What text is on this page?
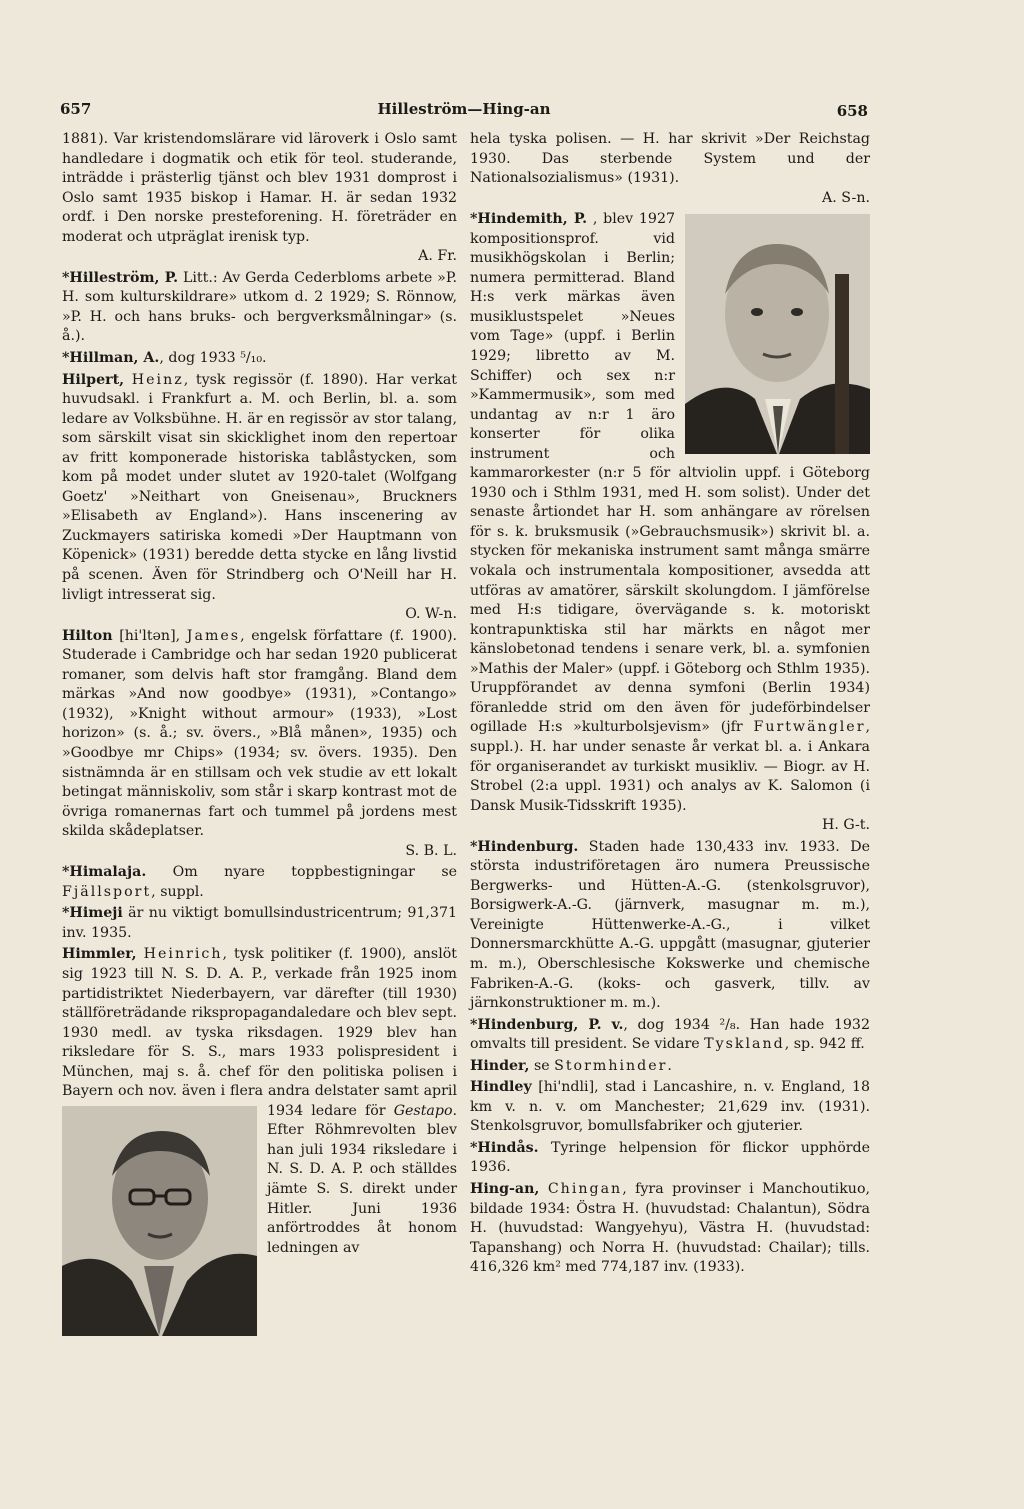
657	Hilleström—Hing-an	658

1881). Var kristendomslärare vid läroverk i Oslo samt handledare i dogmatik och etik för teol. studerande, inträdde i prästerlig tjänst och blev 1931 domprost i Oslo samt 1935 biskop i Hamar. H. är sedan 1932 ordf. i Den norske presteforening. H. företräder en moderat och utpräglat irenisk typ.
A. Fr.

*Hilleström, P. Litt.: Av Gerda Cederbloms arbete »P. H. som kulturskildrare» utkom d. 2 1929; S. Rönnow, »P. H. och hans bruks- och bergverksmålningar» (s. å.).

*Hillman, A., dog 1933 ⁵/₁₀.

Hilpert, Heinz, tysk regissör (f. 1890). Har verkat huvudsakl. i Frankfurt a. M. och Berlin, bl. a. som ledare av Volksbühne. H. är en regissör av stor talang, som särskilt visat sin skicklighet inom den repertoar av fritt komponerade historiska tablåstycken, som kom på modet under slutet av 1920-talet (Wolfgang Goetz' »Neithart von Gneisenau», Bruckners »Elisabeth av England»). Hans inscenering av Zuckmayers satiriska komedi »Der Hauptmann von Köpenick» (1931) beredde detta stycke en lång livstid på scenen. Även för Strindberg och O'Neill har H. livligt intresserat sig.
O. W-n.

Hilton [hi'ltən], James, engelsk författare (f. 1900). Studerade i Cambridge och har sedan 1920 publicerat romaner, som delvis haft stor framgång. Bland dem märkas »And now goodbye» (1931), »Contango» (1932), »Knight without armour» (1933), »Lost horizon» (s. å.; sv. övers., »Blå månen», 1935) och »Goodbye mr Chips» (1934; sv. övers. 1935). Den sistnämnda är en stillsam och vek studie av ett lokalt betingat människoliv, som står i skarp kontrast mot de övriga romanernas fart och tummel på jordens mest skilda skådeplatser.
S. B. L.

*Himalaja. Om nyare toppbestigningar se Fjällsport, suppl.

*Himeji är nu viktigt bomullsindustricentrum; 91,371 inv. 1935.

Himmler, Heinrich, tysk politiker (f. 1900), anslöt sig 1923 till N. S. D. A. P., verkade från 1925 inom partidistriktet Niederbayern, var därefter (till 1930) ställföreträdande rikspropagandaledare och blev sept. 1930 medl. av tyska riksdagen. 1929 blev han riksledare för S. S., mars 1933 polispresident i München, maj s. å. chef för den politiska polisen i Bayern och nov. även i flera andra delstater samt april 1934 ledare för
Gestapo. Efter Röhmrevolten blev han juli 1934 riksledare i N. S. D. A. P. och ställdes jämte S. S. direkt under Hitler. Juni 1936 anförtroddes åt honom ledningen av

hela tyska polisen. — H. har skrivit »Der Reichstag 1930. Das sterbende System und der Nationalsozialismus» (1931).
A. S-n.

*Hindemith, P. , blev 1927 kompositionsprof. vid musikhögskolan i Berlin; numera permitterad. Bland H:s verk märkas även musiklustspelet »Neues vom Tage» (uppf. i Berlin 1929; libretto av M. Schiffer) och sex n:r »Kammermusik», som med undantag av n:r 1 äro konserter för olika instrument och kammarorkester (n:r 5 för altviolin uppf. i Göteborg 1930 och i Sthlm 1931, med H. som solist). Under det senaste årtiondet har H. som anhängare av rörelsen för s. k. bruksmusik (»Gebrauchsmusik») skrivit bl. a. stycken för mekaniska instrument samt många smärre vokala och instrumentala kompositioner, avsedda att utföras av amatörer, särskilt skolungdom. I jämförelse med H:s tidigare, övervägande s. k. motoriskt kontrapunktiska stil har märkts en något mer känslobetonad tendens i senare verk, bl. a. symfonien »Mathis der Maler» (uppf. i Göteborg och Sthlm 1935). Uruppförandet av denna symfoni (Berlin 1934) föranledde strid om den även för judeförbindelser ogillade H:s »kulturbolsjevism» (jfr Furtwängler, suppl.). H. har under senaste år verkat bl. a. i Ankara för organiserandet av turkiskt musikliv. — Biogr. av H. Strobel (2:a uppl. 1931) och analys av K. Salomon (i Dansk Musik-Tidsskrift 1935).
H. G-t.

*Hindenburg. Staden hade 130,433 inv. 1933. De största industriföretagen äro numera Preussische Bergwerks- und Hütten-A.-G. (stenkolsgruvor), Borsigwerk-A.-G. (järnverk, masugnar m. m.), Vereinigte Hüttenwerke-A.-G., i vilket Donnersmarckhütte A.-G. uppgått (masugnar, gjuterier m. m.), Oberschlesische Kokswerke und chemische Fabriken-A.-G. (koks- och gasverk, tillv. av järnkonstruktioner m. m.).

*Hindenburg, P. v., dog 1934 ²/₈. Han hade 1932 omvalts till president. Se vidare Tyskland, sp. 942 ff.

Hinder, se Stormhinder.

Hindley [hi'ndli], stad i Lancashire, n. v. England, 18 km v. n. v. om Manchester; 21,629 inv. (1931). Stenkolsgruvor, bomullsfabriker och gjuterier.

*Hindås. Tyringe helpension för flickor upphörde 1936.

Hing-an, Chingan, fyra provinser i Manchoutikuo, bildade 1934: Östra H. (huvudstad: Chalantun), Södra H. (huvudstad: Wangyehyu), Västra H. (huvudstad: Tapanshang) och Norra H. (huvudstad: Chailar); tills. 416,326 km² med 774,187 inv. (1933).
